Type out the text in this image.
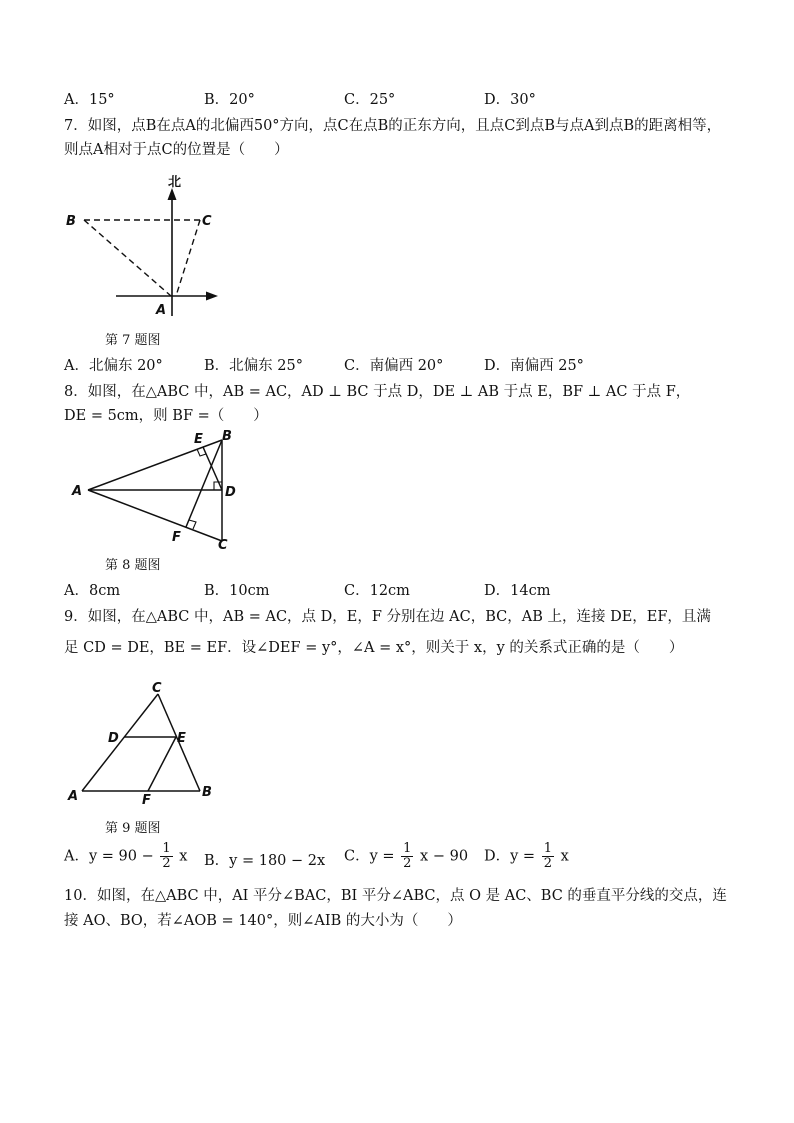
A．15°	B．20°	C．25°	D．30°
7．如图，点B在点A的北偏西50°方向，点C在点B的正东方向，且点C到点B与点A到点B的距离相等，
则点A相对于点C的位置是（　　）
北
B	C
A
第 7 题图
A．北偏东 20°	B．北偏东 25°	C．南偏西 20°	D．南偏西 25°
8．如图，在△ABC 中，AB = AC，AD ⊥ BC 于点 D，DE ⊥ AB 于点 E，BF ⊥ AC 于点 F，
DE = 5cm，则 BF =（　　）
A
B
C
D
E
F
第 8 题图
A．8cm	B．10cm	C．12cm	D．14cm
9．如图，在△ABC 中，AB = AC，点 D，E，F 分别在边 AC，BC，AB 上，连接 DE，EF，且满
足 CD = DE，BE = EF．设∠DEF = y°，∠A = x°，则关于 x，y 的关系式正确的是（　　）
A	B
C
D	E
F
第 9 题图
A．$y = 90 - \frac{1}{2}$ x B．y = 180 − 2x C．$y = \frac{1}{2}$ x − 90 D．$y = \frac{1}{2}$ x
10．如图，在△ABC 中，AI 平分∠BAC，BI 平分∠ABC，点 O 是 AC、BC 的垂直平分线的交点，连
接 AO、BO，若∠AOB = 140°，则∠AIB 的大小为（　　）
